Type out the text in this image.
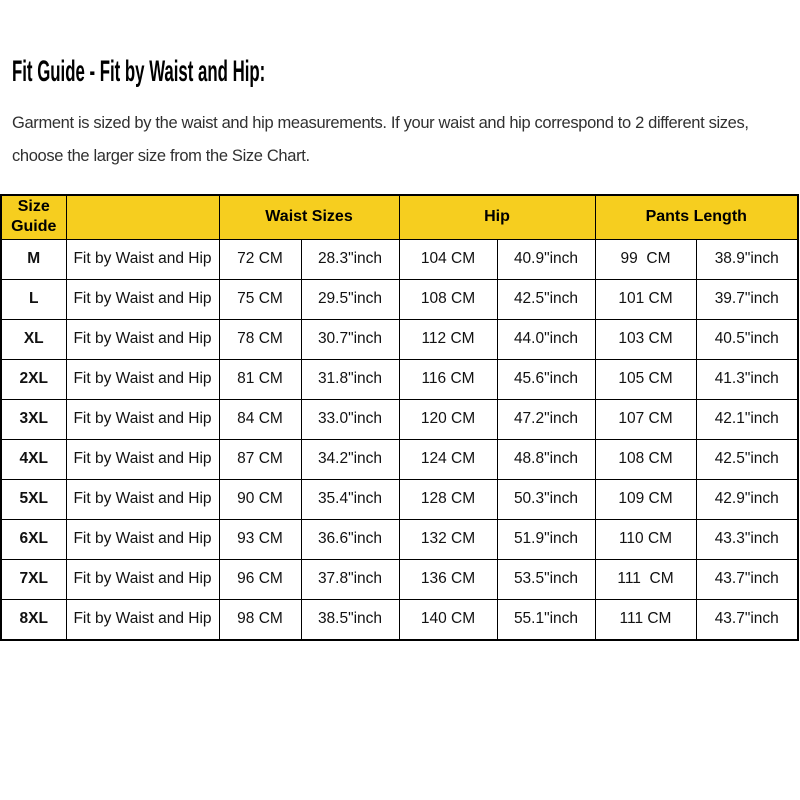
Fit Guide - Fit by Waist and Hip:

Garment is sized by the waist and hip measurements. If your waist and hip correspond to 2 different sizes, choose the larger size from the Size Chart.

Size Guide		Waist Sizes		Hip		Pants Length	
M	Fit by Waist and Hip	72 CM	28.3"inch	104 CM	40.9"inch	99  CM	38.9"inch
L	Fit by Waist and Hip	75 CM	29.5"inch	108 CM	42.5"inch	101 CM	39.7"inch
XL	Fit by Waist and Hip	78 CM	30.7"inch	112 CM	44.0"inch	103 CM	40.5"inch
2XL	Fit by Waist and Hip	81 CM	31.8"inch	116 CM	45.6"inch	105 CM	41.3"inch
3XL	Fit by Waist and Hip	84 CM	33.0"inch	120 CM	47.2"inch	107 CM	42.1"inch
4XL	Fit by Waist and Hip	87 CM	34.2"inch	124 CM	48.8"inch	108 CM	42.5"inch
5XL	Fit by Waist and Hip	90 CM	35.4"inch	128 CM	50.3"inch	109 CM	42.9"inch
6XL	Fit by Waist and Hip	93 CM	36.6"inch	132 CM	51.9"inch	110 CM	43.3"inch
7XL	Fit by Waist and Hip	96 CM	37.8"inch	136 CM	53.5"inch	111  CM	43.7"inch
8XL	Fit by Waist and Hip	98 CM	38.5"inch	140 CM	55.1"inch	111 CM	43.7"inch
